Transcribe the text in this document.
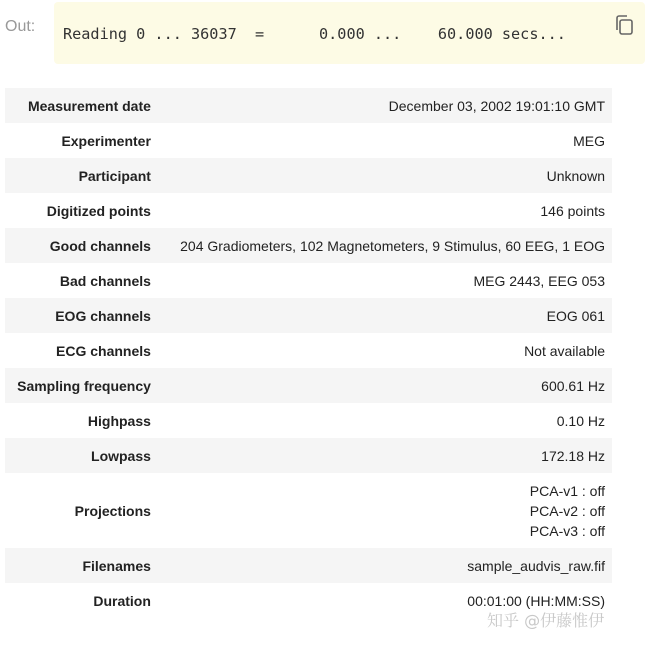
Out: Reading 0 ... 36037  =      0.000 ...    60.000 secs...
Measurement date	December 03, 2002 19:01:10 GMT
Experimenter	MEG
Participant	Unknown
Digitized points	146 points
Good channels	204 Gradiometers, 102 Magnetometers, 9 Stimulus, 60 EEG, 1 EOG
Bad channels	MEG 2443, EEG 053
EOG channels	EOG 061
ECG channels	Not available
Sampling frequency	600.61 Hz
Highpass	0.10 Hz
Lowpass	172.18 Hz
Projections	PCA-v1 : off
PCA-v2 : off
PCA-v3 : off

Filenames	sample_audvis_raw.fif
Duration	00:01:00 (HH:MM:SS)
知乎 @伊藤惟伊
